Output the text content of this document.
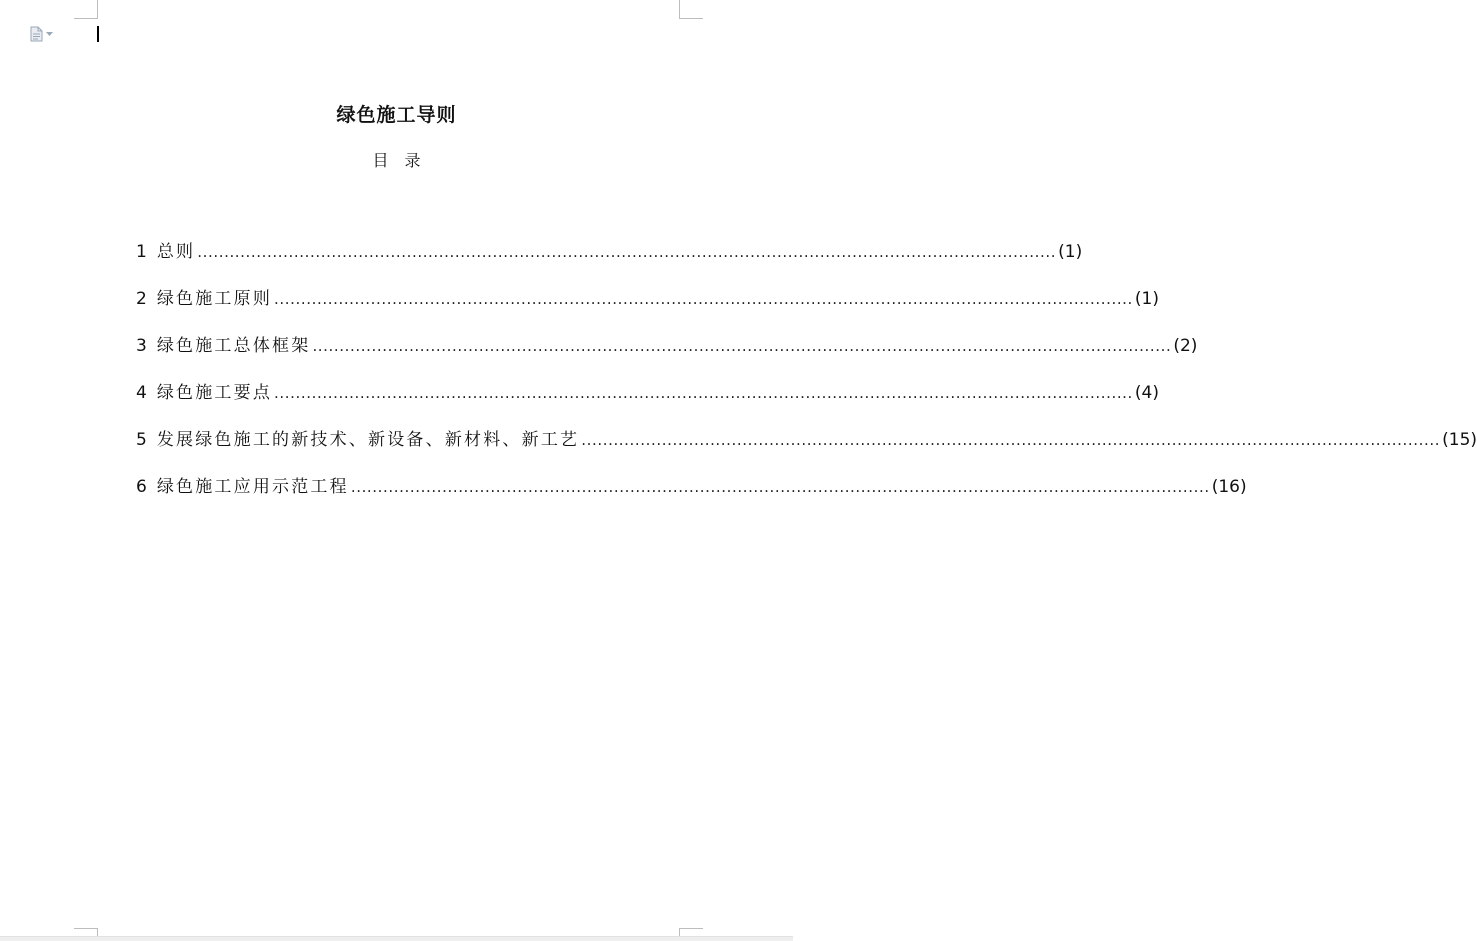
绿色施工导则
目　录
1 总则 ................................................................................................................................................................ (1)
2 绿色施工原则 ................................................................................................................................................................ (1)
3 绿色施工总体框架 ................................................................................................................................................................ (2)
4 绿色施工要点 ................................................................................................................................................................ (4)
5 发展绿色施工的新技术、新设备、新材料、新工艺 ................................................................................................................................................................ (15)
6 绿色施工应用示范工程 ................................................................................................................................................................ (16)
